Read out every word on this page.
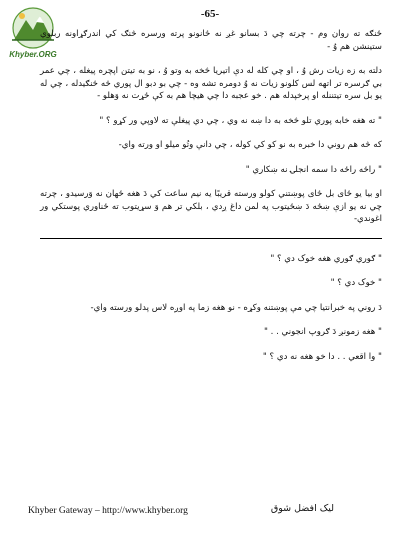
Khyber.ORG
-65-

ځنګه ته روان وم - چرته چي دَ بسانو غږ نه ځانونو پرته ورسره څنګ کي اندرګړاونه ربلوي ستینشن هم وُ -

دلته به زه زیات رش وُ ، او چي کله له دې اتیریا څخه به وتو وُ ، نو به تیتن اپچره پیغله ، چي عمر بي ګرسره تر اتهه لس کلونو زیات نه وُ دومره تشه وه - چي بو دبو ال پوري څه څنګیدله ، چي له یو بل سره تیتننله او پرخپدله هم . خو عجبه دا چي هیچا هم به کې ځړت نه وَهلو -

" ته هغه خابه پوري تلو څخه به دا ښه نه وي ، چي دي پیغلې ته لاوپي ور کړو ؟ "

که څه هم روني دا خبره به نو کو کي کوله ، چي دانې وتُو میلو او ورته واي-

" راځه راځه دا سمه انجلۍ نه ښکاري "

او بیا یو ځای بل ځای پوښتني کولو ورسته قریبًا یه نیم ساعت کي دَ هغه ځهان نه وَرسیدو ، چرته چي نه یو ازې ښځه دَ ښځیتوب په لمن داغ ږدي ، بلکي تر هم وَ سړیتوب ته ځناوري پوستکي ور اغوندي-

" ګوري ګوري هغه خوک دي ؟ "

" خوک دي ؟ "

دَ روني په خبرانتیا چي مې پوښتنه وکړه - نو هغه زما په اوږه لاس پدلو ورسته واي-

" هغه زمونږ دَ ګروپ انجوني . . "

" وا اقعي . . دا خو هغه نه دي ؟ "

Khyber Gateway – http://www.khyber.org	لیک افضل شوق
